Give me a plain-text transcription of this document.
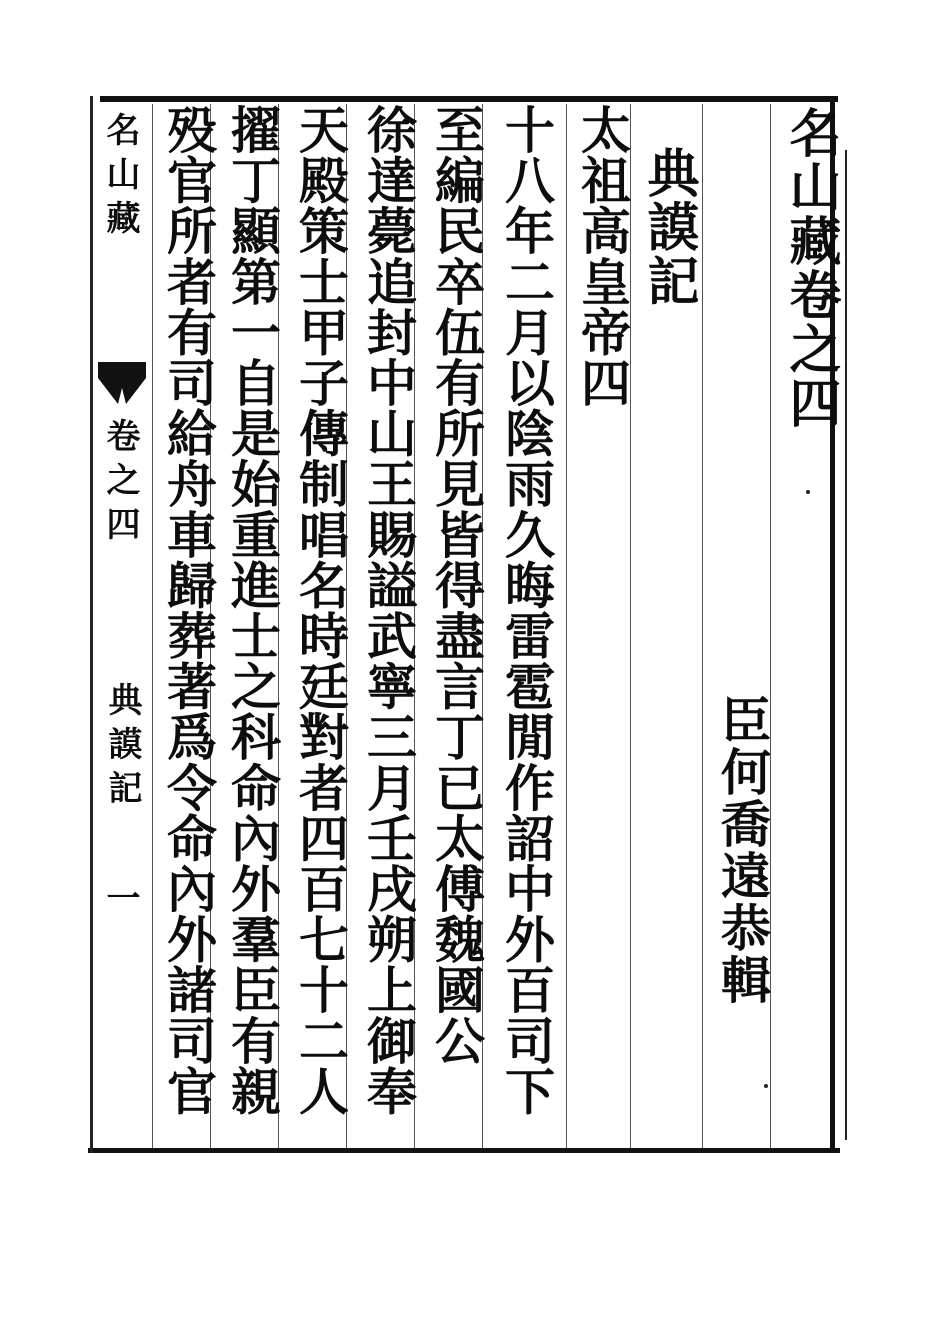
名山藏卷之四
臣何喬遠恭輯
典謨記
太祖高皇帝四
十八年二月以陰雨久晦雷雹閒作詔中外百司下
至編民卒伍有所見皆得盡言丁已太傅魏國公
徐達薨追封中山王賜謚武寧三月壬戌朔上御奉
天殿策士甲子傳制唱名時廷對者四百七十二人
擢丁顯第一自是始重進士之科命內外羣臣有親
殁官所者有司給舟車歸葬著爲令命內外諸司官
名山藏
卷之四
典謨記
一
